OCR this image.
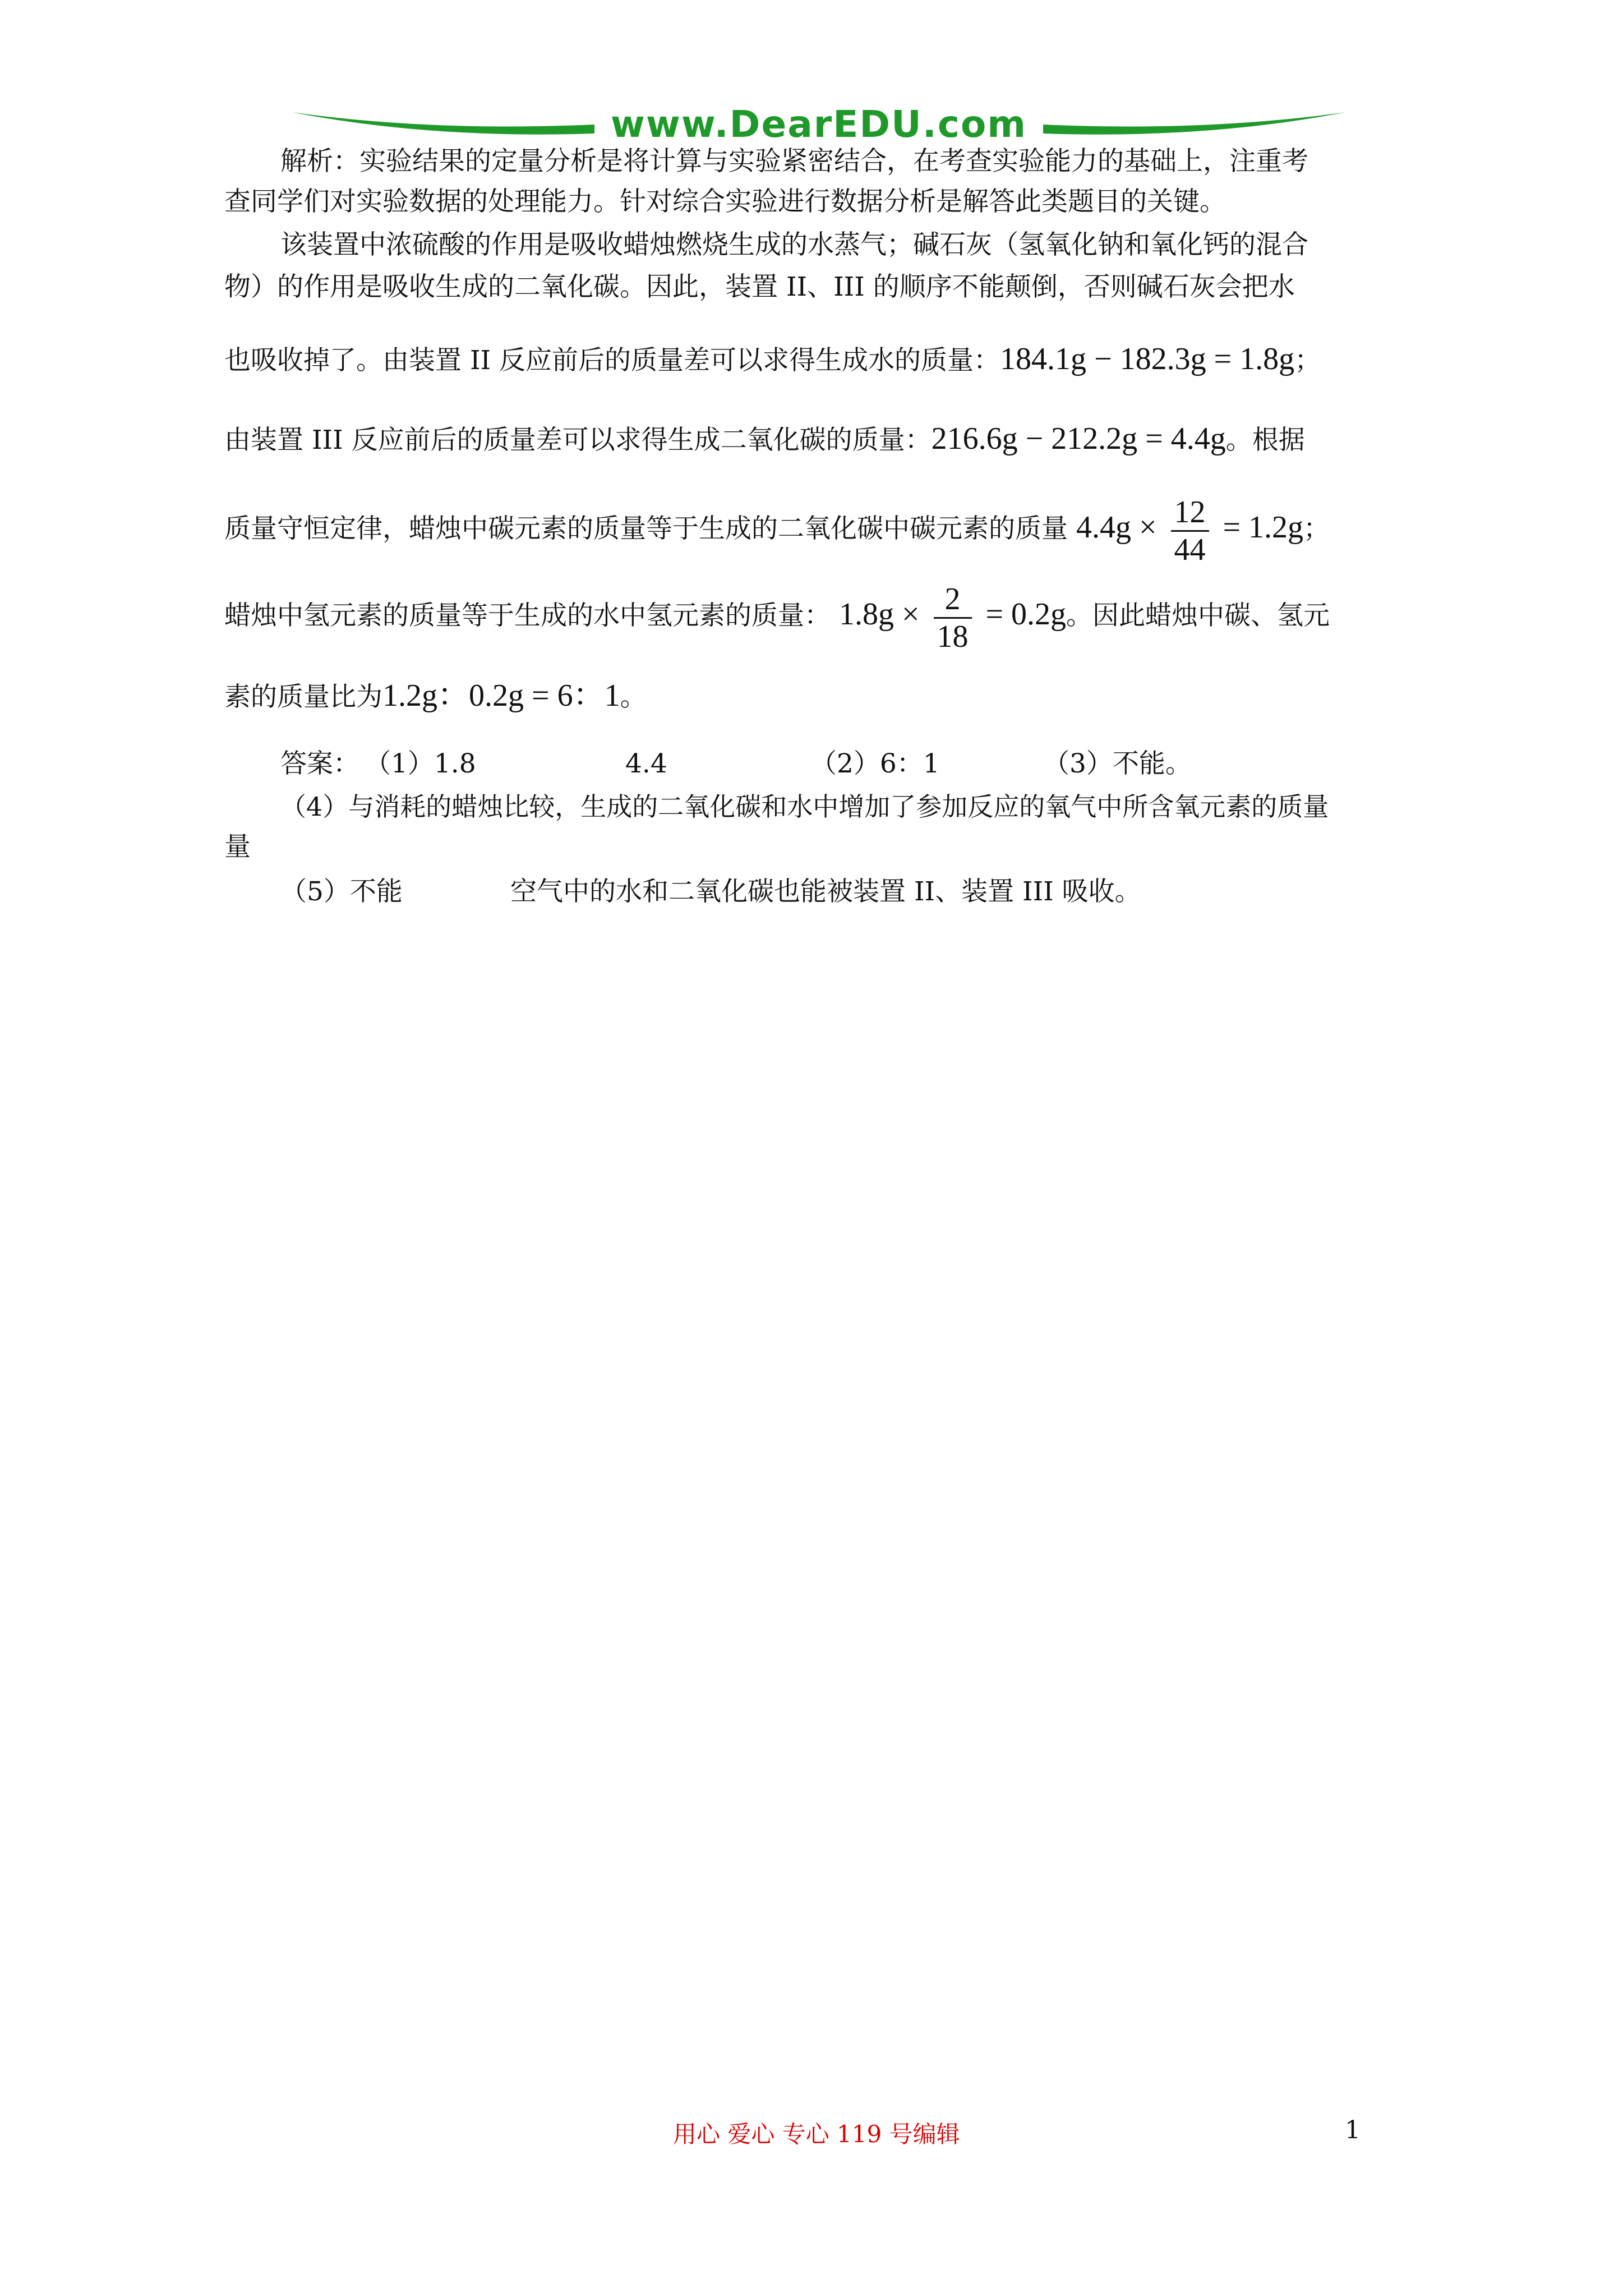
www.DearEDU.com
解析：实验结果的定量分析是将计算与实验紧密结合，在考查实验能力的基础上，注重考
查同学们对实验数据的处理能力。针对综合实验进行数据分析是解答此类题目的关键。
该装置中浓硫酸的作用是吸收蜡烛燃烧生成的水蒸气；碱石灰（氢氧化钠和氧化钙的混合
物）的作用是吸收生成的二氧化碳。因此，装置 II、III 的顺序不能颠倒，否则碱石灰会把水
也吸收掉了。由装置 II 反应前后的质量差可以求得生成水的质量：184.1g − 182.3g = 1.8g；
由装置 III 反应前后的质量差可以求得生成二氧化碳的质量：216.6g − 212.2g = 4.4g。根据
质量守恒定律，蜡烛中碳元素的质量等于生成的二氧化碳中碳元素的质量 $4.4g \times \frac{12}{44} = 1.2g$；
蜡烛中氢元素的质量等于生成的水中氢元素的质量： $1.8g \times \frac{2}{18} = 0.2g$。因此蜡烛中碳、氢元
素的质量比为1.2g：0.2g = 6：1。
答案： （1）1.8	4.4	（2）6：1	（3）不能。
（4）与消耗的蜡烛比较，生成的二氧化碳和水中增加了参加反应的氧气中所含氧元素的质量
量
（5）不能	空气中的水和二氧化碳也能被装置 II、装置 III 吸收。
用心 爱心 专心 119 号编辑	1
